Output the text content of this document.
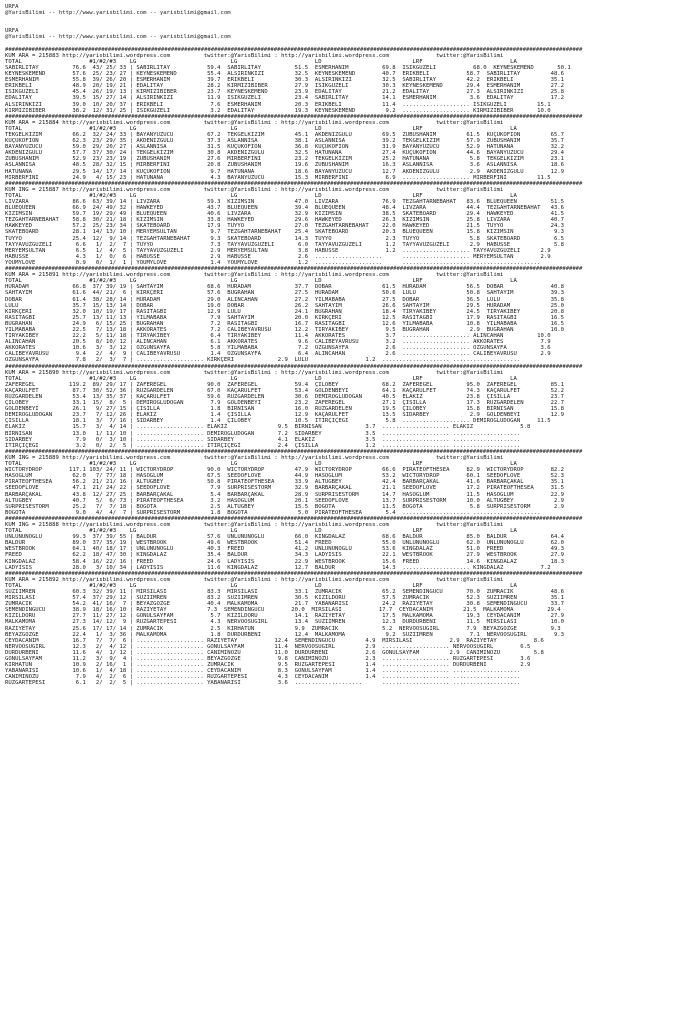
URFA
@YarisBilimi -- http://www.yarisbilimi.com -- yarisbilimi@gmail.com
URFA
@YarisBilimi -- http://www.yarisbilimi.com -- yarisbilimi@gmail.com
##############################################################################################################################################################################
KUM ARA = 215883 http://yarisbilimi.wordpress.com          twitter:@YarisBilimi : http://yarisbilimi.wordpress.com              twitter:@YarisBilimi
TOTAL                    #1/#2/#3    LG                            LG                       LD                           LRF                          LA
SABIRLITAY          76.6  43/ 25/ 33 | SABIRLITAY           59.4  SABIRLITAY          51.5  ESMERHANIM          69.8  ISIKGÜZELI           68.0  KEYNESKEMEND       50.1
KEYNESKEMEND        57.6  25/ 23/ 27 | KEYNESKEMEND         55.4  ALSIRINKIZI         32.5  KEYNESKEMEND        40.7  ERIKBELI           58.7  SABIRLITAY         48.6
ESMERHANIM          55.8  39/ 26/ 20 | ESMERHANIM           39.7  ERIKBELI            30.3  ALSIRINKIZI         32.5  SABIRLITAY         42.2  ERIKBELI           35.1
ERIKBELI            48.9  20/ 19/ 21 | EDALITAY             28.2  KIRMIZIBIBER        27.9  ISIKGÜZELI          30.3  KEYNESKEMEND       29.4  ESMERHANIM         27.2
ISIKGÜZELI          45.4  26/ 19/ 13 | KIRMIZIBIBER         23.7  KEYNESKEMEND        23.9  EDALITAY            21.2  EDALITAY           27.3  ALSIRINKIZI        25.8
EDALITAY            39.5  15/ 27/ 14 | ALSIRINKIZI          11.9  ISIKGÜZELI          23.4  SABIRLITAY          14.1  ESMERHANIM          3.6  EDALITAY           17.2
ALSIRINKIZI         39.0  10/ 20/ 37 | ERIKBELI              7.6  ESMERHANIM          20.3  ERIKBELI            11.4  .................... ISIKGÜZELI         15.1
KIRMIZIBIBER        38.2  12/ 31/ 25 | ISIKGÜZELI            3.2  EDALITAY            19.3  KEYNESKEMEND         9.2  .................... KIRMIZIBIBER       10.0
##############################################################################################################################################################################
KUM ARA = 215884 http://yarisbilimi.wordpress.com          twitter:@YarisBilimi : http://yarisbilimi.wordpress.com              twitter:@YarisBilimi
TOTAL                    #1/#2/#3    LG                            LG                       LD                           LRF                          LA
TEKGELKIZIM         66.2  32/ 24/ 33 | BAYANYÜZÜCÜ          67.2  TEKGELKIZIM         45.1  AKDENIZGÜLÜ         69.5  ZÜBUSHANIM         61.5  KÜÇÜKOFION         65.7
KÜÇÜKOFION          62.3  23/ 29/ 35 | AKDENIZGÜLÜ          37.3  ASLANNISA           38.1  ASLANNISA           39.2  TEKGELKIZIM        57.9  ZÜBUSHANIM         35.7
BAYANYÜZÜCÜ         59.0  29/ 20/ 27 | ASLANNISA            31.5  KÜÇÜKOFION          36.8  KÜÇÜKOFION          31.9  BAYANYÜZÜCÜ        52.9  HATUNANA           32.2
AKDENIZGÜLÜ         57.7  37/ 30/ 24 | TEKGELKIZIM          30.8  AKDENIZGÜLÜ         32.5  HATUNANA            27.4  KÜÇÜKOFION         44.6  BAYANYÜZÜCÜ        29.4
ZÜBUSHANIM          52.9  23/ 23/ 19 | ZÜBUSHANIM           27.6  MIRBERFINI          23.2  TEKGELKIZIM         25.2  HATUNANA            5.8  TEKGELKIZIM        23.1
ASLANNISA           48.5  28/ 32/ 15 | MIRBERFINI           20.8  ZÜBUSHANIM          19.6  ZÜBUSHANIM          16.3  ASLANNISA           3.6  ASLANNISA          18.6
HATUNANA            29.5  14/ 17/ 14 | KÜÇÜKOFION            9.7  HATUNANA            18.6  BAYANYÜZÜCÜ         12.7  AKDENIZGÜLÜ         2.9  AKDENIZGÜLÜ        12.9
MIRBERFINI          24.9   4/ 15/ 23 | HATUNANA              4.3  BAYANYÜZÜCÜ         15.3  MIRBERFINI           6.9  .................... MIRBERFINI         11.5
##############################################################################################################################################################################
KUM ING = 215887 http://yarisbilimi.wordpress.com          twitter:@YarisBilimi : http://yarisbilimi.wordpress.com              twitter:@YarisBilimi
TOTAL                    #1/#2/#3    LG                            LG                       LD                           LRF                          LA
LIVZARA             86.6  63/ 39/ 14 | LIVZARA              59.3  KIZIMSIN            47.0  LIVZARA             76.9  TEZGAHTARNEBAHAT   83.6  BLUEQUEEN          51.5
BLUEQUEEN           66.9  24/ 49/ 32 | HAWKEYED             43.7  BLUEQUEEN           39.4  BLUEQUEEN           48.4  LIVZARA            44.4  TEZGAHTARNEBAHAT   43.6
KIZIMSIN            59.7  19/ 29/ 49 | BLUEQUEEN            40.6  LIVZARA             32.9  KIZIMSIN            38.5  SKATEBOARD         29.4  HAWKEYED           41.5
TEZGAHTARNEBAHAT    58.8  30/ 21/ 18 | KIZIMSIN             33.8  HAWKEYED            29.6  HAWKEYED            26.3  KIZIMSIN           25.8  LIVZARA            40.7
HAWKEYED            57.2  25/ 23/ 34 | SKATEBOARD           17.9  TUYYO               27.0  TEZGAHTARNEBAHAT    22.0  HAWKEYED           21.5  TUYYO              24.3
SKATEBOARD          28.1  14/ 13/ 10 | MERYEMSULTAN          9.7  TEZGAHTARNEBAHAT    25.4  SKATEBOARD          20.3  BLUEQUEEN          15.8  KIZIMSIN            9.3
TUYYO               25.4  12/  9/ 14 | TEZGAHTARNEBAHAT      9.3  SKATEBOARD          14.3  TUYYO                2.3  TUYYO               5.8  SKATEBOARD          6.5
TAYYAVUZGÜZELI       6.6   1/  2/  7 | TUYYO                 7.3  TAYYAVUZGÜZELI       6.0  TAYYAVUZGÜZELI       1.2  TAYYAVUZGÜZELI      2.9  HABUSSE             5.8
MERYEMSULTAN         6.5   1/  4/  5 | TAYYAVUZGÜZELI        2.9  MERYEMSULTAN         3.8  HABUSSE              1.2  .................... TAYYAVUZGÜZELI      2.9
HABUSSE              4.3   1/  0/  6 | HABUSSE               2.9  HABUSSE              2.6  ....................      .................... MERYEMSULTAN        2.9
YOUMYLOVE            0.9   0/  1/  1 | YOUMYLOVE             1.4  YOUMYLOVE            1.2  ....................      .................... ....................
##############################################################################################################################################################################
KUM ARA = 215891 http://yarisbilimi.wordpress.com          twitter:@YarisBilimi : http://yarisbilimi.wordpress.com              twitter:@YarisBilimi
TOTAL                    #1/#2/#3    LG                            LG                       LD                           LRF                          LA
HÜRADAM             66.8  37/ 39/ 19 | SAHTAYIM             68.6  HÜRADAM             37.7  DOBAR               61.5  HÜRADAM            56.5  DOBAR              40.8
SAHTAYIM            61.6  44/ 21/  6 | KIRKÇERI             57.6  BUGRAHAN            27.5  HÜRADAM             50.6  LULU               50.8  SAHTAYIM           39.3
DOBAR               61.4  38/ 28/ 14 | HÜRADAM              29.0  ALINCAHAN           27.2  YILMABABA           27.5  DOBAR              36.5  LULU               35.8
LULU                35.7  15/ 13/ 14 | DOBAR                19.0  DOBAR               26.2  SAHTAYIM            26.6  SAHTAYIM           29.5  HÜRADAM            25.0
KIRKÇERI            32.0  10/ 19/ 17 | RASITAGBI            12.9  LULU                24.1  BUGRAHAN            18.4  TIRYAKIBEY         24.5  TIRYAKIBEY         20.8
RASITAGBI           25.7  13/ 11/ 13 | YILMABABA             7.9  SAHTAYIM            20.0  KIRKÇERI            12.5  RASITAGBI          17.9  RASITAGBI          16.5
BUGRAHAN            24.9   6/ 15/ 25 | BUGRAHAN              7.2  RASITAGBI           16.7  RASITAGBI           12.6  YILMABABA          10.8  YILMABABA          16.5
YILMABABA           22.5   7/ 13/ 18 | AKKORATES             7.2  CALIBEYAVRUSU       12.2  TIRYAKIBEY           9.5  BUGRAHAN            2.9  BUGRAHAN           10.0
TIRYAKIBEY          22.2   5/ 11/ 18 | TIRYAKIBEY            6.4  TIRYAKIBEY          11.4  AKKORATES            3.7  .................... ALINCAHAN          10.0
ALINCAHAN           20.5   8/ 10/ 12 | ALINCAHAN             6.1  AKKORATES            9.6  CALIBEYAVRUSU        3.2  .................... AKKORATES           7.9
AKKORATES           10.6   3/  3/ 12 | ÖZGÜNSAYFA            5.8  YILMABABA            7.2  ÖZGÜNSAYFA           2.6  .................... ÖZGÜNSAYFA          3.6
CALIBEYAVRUSU        9.4   2/  4/  9 | CALIBEYAVRUSU         1.4  ÖZGÜNSAYFA           6.4  ALINCAHAN            2.6  .................... CALIBEYAVRUSU       2.9
ÖZGÜNSAYFA           7.8   2/  3/  7 | .................... KIRKÇERI             2.9  LULU                 1.2  .................... ....................
##############################################################################################################################################################################
KUM ARA = 215890 http://yarisbilimi.wordpress.com          twitter:@YarisBilimi : http://yarisbilimi.wordpress.com              twitter:@YarisBilimi
TOTAL                    #1/#2/#3    LG                            LG                       LD                           LRF                          LA
ZAFEREGEL          119.2  89/ 29/ 17 | ZAFEREGEL            90.0  ZAFEREGEL           59.4  ÇILOBEY             68.2  ZAFEREGEL          95.0  ZAFEREGEL          85.1
KAÇARÜLFET          87.7  30/ 52/ 36 | RÜZGARDELEN          67.0  KAÇARÜLFET          53.4  GOLDENBEYI          64.1  KAÇARÜLFET         74.3  KAÇARÜLFET         52.2
RÜZGARDELEN         53.4  13/ 35/ 37 | KAÇARÜLFET           59.6  RÜZGARDELEN         30.6  DEMIROGLUDOGAN      40.5  ELAKIZ             23.8  ÇISILLA            23.7
ÇILOBEY             33.1  15/  8/  5 | DEMIROGLUDOGAN        7.9  GOLDENBEYI          23.2  ZAFEREGEL           27.1  ÇISILLA            17.3  RÜZGARDELEN        22.7
GOLDENBEYI          26.1   9/ 27/ 15 | ÇISILLA               1.8  BIRNISAN            16.0  RÜZGARDELEN         19.5  ÇILOBEY            15.8  BIRNISAN           15.8
DEMIROGLUDOGAN      23.7   7/ 12/ 26 | ELAKIZ                1.4  ÇISILLA             12.9  KAÇARÜLFET          13.5  SIDARBEY            2.9  GOLDENBEYI         12.9
ÇISILLA             18.1   3/  7/ 16 | SIDARBEY              1.4  ÇILOBEY             10.5  ITIRÇIÇEGI           5.8  .................... DEMIROGLUDOGAN     11.5
ELAKIZ              15.7   3/  4/ 14 | .................... ELAKIZ               9.5  BIRNISAN             3.7  .................... ELAKIZ              5.8
BIRNISAN            13.0   1/ 11/ 10 | .................... DEMIROGLUDOGAN       7.2  SIDARBEY             3.5  .................... ....................
SIDARBEY             7.9   0/  3/ 10 | .................... SIDARBEY             4.1  ELAKIZ               3.5  .................... ....................
ITIRÇIÇEGI           3.2   0/  2/  5 | .................... ITIRÇIÇEGI           2.4  ÇISILLA              1.2  .................... ....................
##############################################################################################################################################################################
KUM ING = 215889 http://yarisbilimi.wordpress.com          twitter:@YarisBilimi : http://yarisbilimi.wordpress.com              twitter:@YarisBilimi
TOTAL                    #1/#2/#3    LG                            LG                       LD                           LRF                          LA
WICTORYDROP        117.1 103/ 24/ 11 | WICTORYDROP          90.0  WICTORYDROP         47.9  WICTORYDROP         66.6  PIRATEOFTHESEA     82.9  WICTORYDROP        82.2
HASOGLUM            62.0   7/ 77/ 18 | HASOGLUM             67.5  SEEDOFLOVE          44.9  HASOGLUM            53.2  WICTORYDROP        60.1  SEEDOFLOVE         52.3
PIRATEOFTHESEA      56.2  21/ 21/ 16 | ALTUGBEY             50.8  PIRATEOFTHESEA      33.9  ALTUGBEY            42.4  BARBARÇAKAL        41.6  BARBARÇAKAL        35.1
SEEDOFLOVE          47.1  21/ 24/ 22 | SEEDOFLOVE            7.9  SURPRISESTORM       32.9  BARBARÇAKAL         21.1  SEEDOFLOVE         17.2  PIRATEOFTHESEA     31.5
BARBARÇAKAL         43.8  12/ 27/ 25 | BARBARÇAKAL           5.4  BARBARÇAKAL         28.9  SURPRISESTORM       14.7  HASOGLUM           11.5  HASOGLUM           22.9
ALTUGBEY            40.7   5/  6/ 73 | PIRATEOFTHESEA        3.2  HASOGLUM            20.1  SEEDOFLOVE          13.7  SURPRISESTORM      10.0  ALTUGBEY            2.9
SURPRISESTORM       25.2   7/  7/ 18 | BOGOTA                2.5  ALTUGBEY            15.5  BOGOTA              11.5  BOGOTA              5.8  SURPRISESTORM       2.9
BOGOTA               9.0   4/  4/  7 | SURPRISESTORM         1.8  BOGOTA               5.0  PIRATEOFTHESEA       5.4  .................... ....................
##############################################################################################################################################################################
KUM ING = 215888 http://yarisbilimi.wordpress.com          twitter:@YarisBilimi : http://yarisbilimi.wordpress.com              twitter:@YarisBilimi
TOTAL                    #1/#2/#3    LG                            LG                       LD                           LRF                          LA
ÜNLÜNÜNOGLU         99.3  37/ 39/ 55 | BALDUR               57.6  ÜNLÜNÜNOGLU         66.0  KINGDALAZ           68.6  BALDUR             85.0  BALDUR             64.4
BALDUR              89.0  37/ 35/ 19 | WESTBROOK            49.6  WESTBROOK           51.4  FREED               55.0  ÜNLÜNÜNOGLU        62.0  ÜNLÜNÜNOGLU        62.0
WESTBROOK           64.1  40/ 18/ 17 | ÜNLÜNÜNOGLU          40.3  FREED               41.2  ÜNLÜNÜNOGLU         53.6  KINGDALAZ          51.0  FREED              49.3
FREED               62.2  18/ 47/ 30 | KINGDALAZ            35.4  BALDUR              34.3  LADYISIS            22.1  WESTBROOK          27.9  WESTBROOK          27.9
KINGDALAZ           58.4  16/ 22/ 16 | FREED                24.6  LADYISIS            22.9  WESTBROOK           15.6  FREED              14.6  KINGDALAZ          18.3
LADYISIS            28.0   3/ 10/ 34 | LADYISIS             11.6  KINGDALAZ           12.7  BALDUR              14.3  .................... KINGDALAZ           7.2
##############################################################################################################################################################################
KUM ARA = 215892 http://yarisbilimi.wordpress.com          twitter:@YarisBilimi : http://yarisbilimi.wordpress.com              twitter:@YarisBilimi
TOTAL                    #1/#2/#3    LG                            LG                       LD                           LRF                          LA
SUZIIMREN           60.3  32/ 39/ 11 | MIRSILASI            83.3  MIRSILASI           33.1  ZÜMRACIK            65.2  SEMENDINGÜCÜ       70.0  ZÜMRACIK           48.6
MIRSILASI           57.4  37/ 29/ 12 | SUZIIMREN            83.2  SUZIIMREN           30.5  KIZILDORU           57.5  ZÜMRACIK           52.3  SUZIIMREN          35.1
ZÜMRACIK            54.2  41/ 16/  7 | BEYAZGÖZGE           40.4  MALKAMOMA           21.7  YABANARISI          24.2  RAZIYETAY          30.8  SEMENDINGÜCÜ       33.7
SEMENDINGÜCÜ        38.9  18/ 16/ 10 | RAZIYETAY            7.3  SEMENDINGÜCÜ        20.0  MIRSILASI           17.7  CEYDACANIM         21.5  MALKAMOMA          29.4
KIZILDORU           27.7  11/ 27/ 12 | GÖNÜLSAYFAM           5.7  KIZILDORU           14.1  RAZIYETAY           17.5  MALKAMOMA          19.3  CEYDACANIM         27.9
MALKAMOMA           27.3  14/ 12/  9 | RÜZGARTEPESI          4.3  NERVOOSUGIRL        13.4  SUZIIMREN           12.3  DURDURBENI         11.5  MIRSILASI          10.0
RAZIYETAY           25.6  17/ 17/ 14 | ZÜMRACIK              2.5  KIRHATUN            9.9  ZÜMRACIK             5.2  NERVOOSUGIRL        7.9  BEYAZGÖZGE          9.3
BEYAZGÖZGE          22.4   1/  3/ 36 | MALKAMOMA             1.8  DURDURBENI          12.4  MALKAMOMA            9.2  SUZIIMREN           7.1  NERVOOSUGIRL        9.3
CEYDACANIM          16.7   7/  7/  6 | .................... RAZIYETAY           12.4  SEMENDINGÜCÜ         4.9  MIRSILASI           2.9  RAZIYETAY           8.6
NERVOOSUGIRL        12.3   2/  4/ 12 | .................... GÖNÜLSAYFAM         11.4  NERVOOSUGIRL         2.9  .................... NERVOOSUGIRL        6.5
DURDURBENI          11.6   4/  1/ 12 | .................... CANIMINOZÜ          11.0  DURDURBENI           2.6  GÖNÜLSAYFAM         2.9  CANIMINOZÜ          5.8
GÖNÜLSAYFAM         11.2   3/  9/  4 | .................... BEYAZGÖZGE           9.8  CANIMINOZÜ           2.3  .................... RÜZGARTEPESI        3.6
KIRHATUN            10.9   2/ 16/  1 | .................... ZÜMRACIK             9.5  RÜZGARTEPESI         1.4  .................... DURDURBENI          2.9
YABANARISI          10.6   1/  4/ 18 | .................... CEYDACANIM           8.3  GÖNÜLSAYFAM          1.4  .................... ....................
CANIMINOZÜ           7.9   4/  2/  6 | .................... RÜZGARTEPESI         4.3  CEYDACANIM           1.4  .................... ....................
RÜZGARTEPESI         6.1   2/  2/  5 | .................... YABANARISI           3.6  ....................      .................... ....................
